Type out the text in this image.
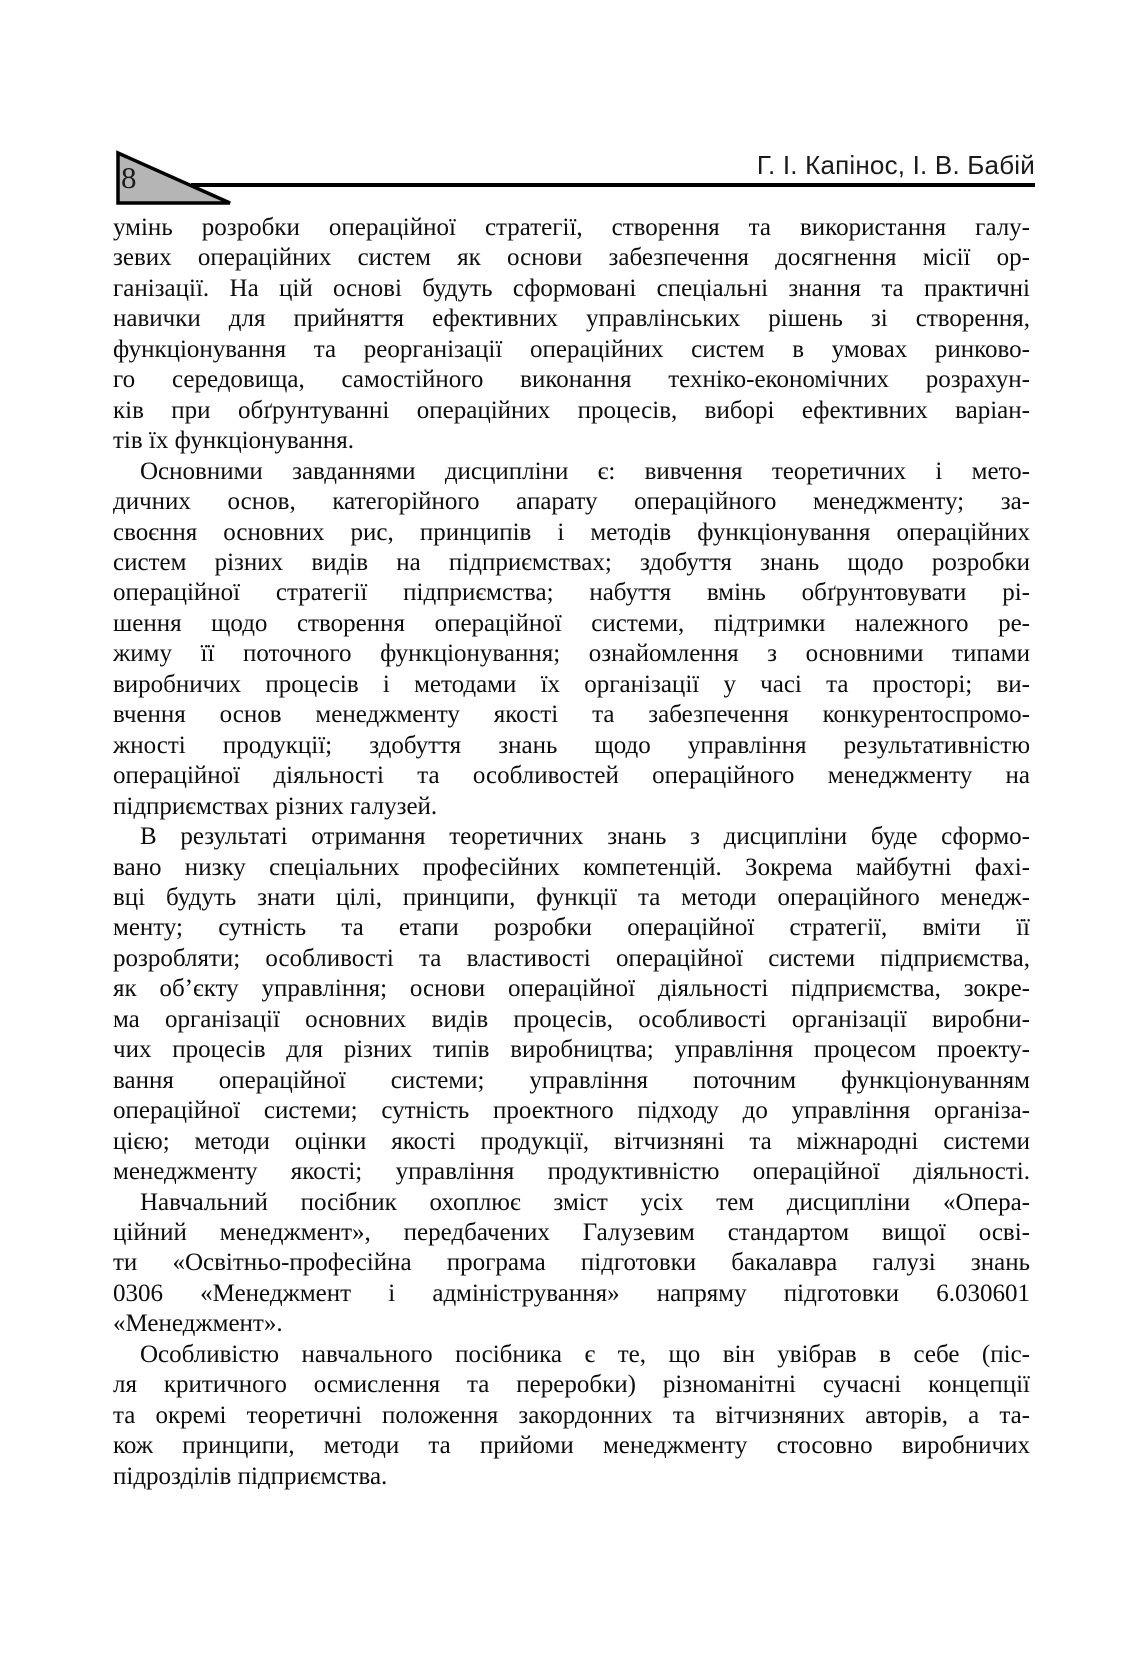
8	Г. І. Капінос, І. В. Бабій
умінь розробки операційної стратегії, створення та використання галу-
зевих операційних систем як основи забезпечення досягнення місії ор-
ганізації. На цій основі будуть сформовані спеціальні знання та практичні
навички для прийняття ефективних управлінських рішень зі створення,
функціонування та реорганізації операційних систем в умовах ринково-
го середовища, самостійного виконання техніко-економічних розрахун-
ків при обґрунтуванні операційних процесів, виборі ефективних варіан-
тів їх функціонування.
Основними завданнями дисципліни є: вивчення теоретичних і мето-
дичних основ, категорійного апарату операційного менеджменту; за-
своєння основних рис, принципів і методів функціонування операційних
систем різних видів на підприємствах; здобуття знань щодо розробки
операційної стратегії підприємства; набуття вмінь обґрунтовувати рі-
шення щодо створення операційної системи, підтримки належного ре-
жиму її поточного функціонування; ознайомлення з основними типами
виробничих процесів і методами їх організації у часі та просторі; ви-
вчення основ менеджменту якості та забезпечення конкурентоспромо-
жності продукції; здобуття знань щодо управління результативністю
операційної діяльності та особливостей операційного менеджменту на
підприємствах різних галузей.
В результаті отримання теоретичних знань з дисципліни буде сформо-
вано низку спеціальних професійних компетенцій. Зокрема майбутні фахі-
вці будуть знати цілі, принципи, функції та методи операційного менедж-
менту; сутність та етапи розробки операційної стратегії, вміти її
розробляти; особливості та властивості операційної системи підприємства,
як об’єкту управління; основи операційної діяльності підприємства, зокре-
ма організації основних видів процесів, особливості організації виробни-
чих процесів для різних типів виробництва; управління процесом проекту-
вання операційної системи; управління поточним функціонуванням
операційної системи; сутність проектного підходу до управління організа-
цією; методи оцінки якості продукції, вітчизняні та міжнародні системи
менеджменту якості; управління продуктивністю операційної діяльності.
Навчальний посібник охоплює зміст усіх тем дисципліни «Опера-
ційний менеджмент», передбачених Галузевим стандартом вищої осві-
ти «Освітньо-професійна програма підготовки бакалавра галузі знань
0306 «Менеджмент і адміністрування» напряму підготовки 6.030601
«Менеджмент».
Особливістю навчального посібника є те, що він увібрав в себе (піс-
ля критичного осмислення та переробки) різноманітні сучасні концепції
та окремі теоретичні положення закордонних та вітчизняних авторів, а та-
кож принципи, методи та прийоми менеджменту стосовно виробничих
підрозділів підприємства.
